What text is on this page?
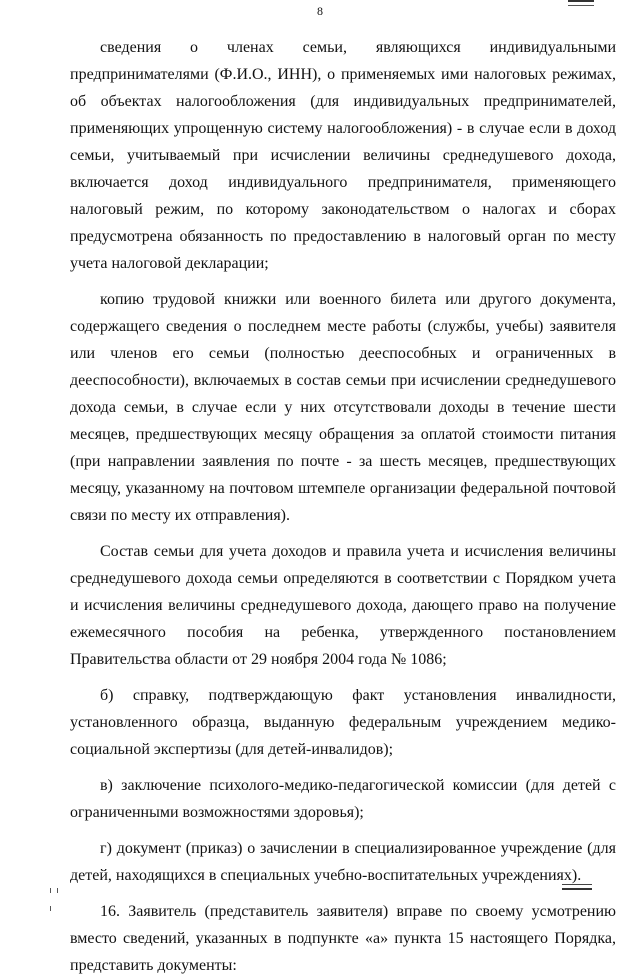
8

сведения о членах семьи, являющихся индивидуальными предпринимателями (Ф.И.О., ИНН), о применяемых ими налоговых режимах, об объектах налогообложения (для индивидуальных предпринимателей, применяющих упрощенную систему налогообложения) - в случае если в доход семьи, учитываемый при исчислении величины среднедушевого дохода, включается доход индивидуального предпринимателя, применяющего налоговый режим, по которому законодательством о налогах и сборах предусмотрена обязанность по предоставлению в налоговый орган по месту учета налоговой декларации;

копию трудовой книжки или военного билета или другого документа, содержащего сведения о последнем месте работы (службы, учебы) заявителя или членов его семьи (полностью дееспособных и ограниченных в дееспособности), включаемых в состав семьи при исчислении среднедушевого дохода семьи, в случае если у них отсутствовали доходы в течение шести месяцев, предшествующих месяцу обращения за оплатой стоимости питания (при направлении заявления по почте - за шесть месяцев, предшествующих месяцу, указанному на почтовом штемпеле организации федеральной почтовой связи по месту их отправления).

Состав семьи для учета доходов и правила учета и исчисления величины среднедушевого дохода семьи определяются в соответствии с Порядком учета и исчисления величины среднедушевого дохода, дающего право на получение ежемесячного пособия на ребенка, утвержденного постановлением Правительства области от 29 ноября 2004 года № 1086;

б) справку, подтверждающую факт установления инвалидности, установленного образца, выданную федеральным учреждением медико-социальной экспертизы (для детей-инвалидов);

в) заключение психолого-медико-педагогической комиссии (для детей с ограниченными возможностями здоровья);

г) документ (приказ) о зачислении в специализированное учреждение (для детей, находящихся в специальных учебно-воспитательных учреждениях).

16. Заявитель (представитель заявителя) вправе по своему усмотрению вместо сведений, указанных в подпункте «а» пункта 15 настоящего Порядка, представить документы:
